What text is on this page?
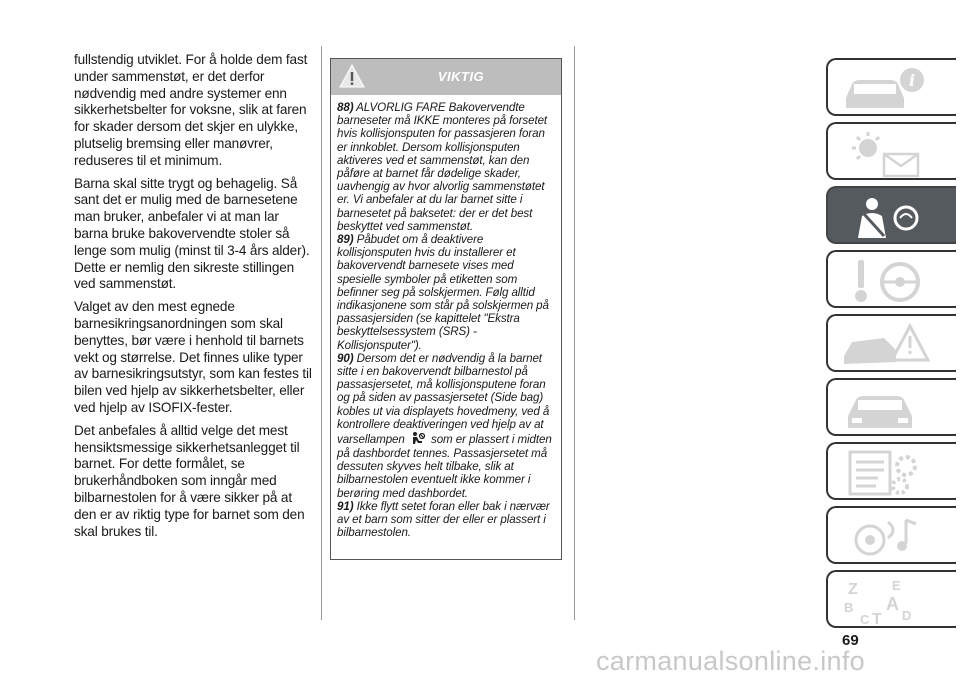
fullstendig utviklet. For å holde dem fast under sammenstøt, er det derfor nødvendig med andre systemer enn sikkerhetsbelter for voksne, slik at faren for skader dersom det skjer en ulykke, plutselig bremsing eller manøvrer, reduseres til et minimum.

Barna skal sitte trygt og behagelig. Så sant det er mulig med de barnesetene man bruker, anbefaler vi at man lar barna bruke bakovervendte stoler så lenge som mulig (minst til 3-4 års alder). Dette er nemlig den sikreste stillingen ved sammenstøt.

Valget av den mest egnede barnesikringsanordningen som skal benyttes, bør være i henhold til barnets vekt og størrelse. Det finnes ulike typer av barnesikringsutstyr, som kan festes til bilen ved hjelp av sikkerhetsbelter, eller ved hjelp av ISOFIX-fester.

Det anbefales å alltid velge det mest hensiktsmessige sikkerhetsanlegget til barnet. For dette formålet, se brukerhåndboken som inngår med bilbarnestolen for å være sikker på at den er av riktig type for barnet som den skal brukes til.

VIKTIG

88) ALVORLIG FARE Bakovervendte barneseter må IKKE monteres på forsetet hvis kollisjonsputen for passasjeren foran er innkoblet. Dersom kollisjonsputen aktiveres ved et sammenstøt, kan den påføre at barnet får dødelige skader, uavhengig av hvor alvorlig sammenstøtet er. Vi anbefaler at du lar barnet sitte i barnesetet på baksetet: der er det best beskyttet ved sammenstøt.

89) Påbudet om å deaktivere kollisjonsputen hvis du installerer et bakovervendt barnesete vises med spesielle symboler på etiketten som befinner seg på solskjermen. Følg alltid indikasjonene som står på solskjermen på passasjersiden (se kapittelet "Ekstra beskyttelsessystem (SRS) - Kollisjonsputer").

90) Dersom det er nødvendig å la barnet sitte i en bakovervendt bilbarnestol på passasjersetet, må kollisjonsputene foran og på siden av passasjersetet (Side bag) kobles ut via displayets hovedmeny, ved å kontrollere deaktiveringen ved hjelp av at varsellampen som er plassert i midten på dashbordet tennes. Passasjersetet må dessuten skyves helt tilbake, slik at bilbarnestolen eventuelt ikke kommer i berøring med dashbordet.

91) Ikke flytt setet foran eller bak i nærvær av et barn som sitter der eller er plassert i bilbarnestolen.

i
Z	E
B A
C T D
69
carmanualsonline.info
